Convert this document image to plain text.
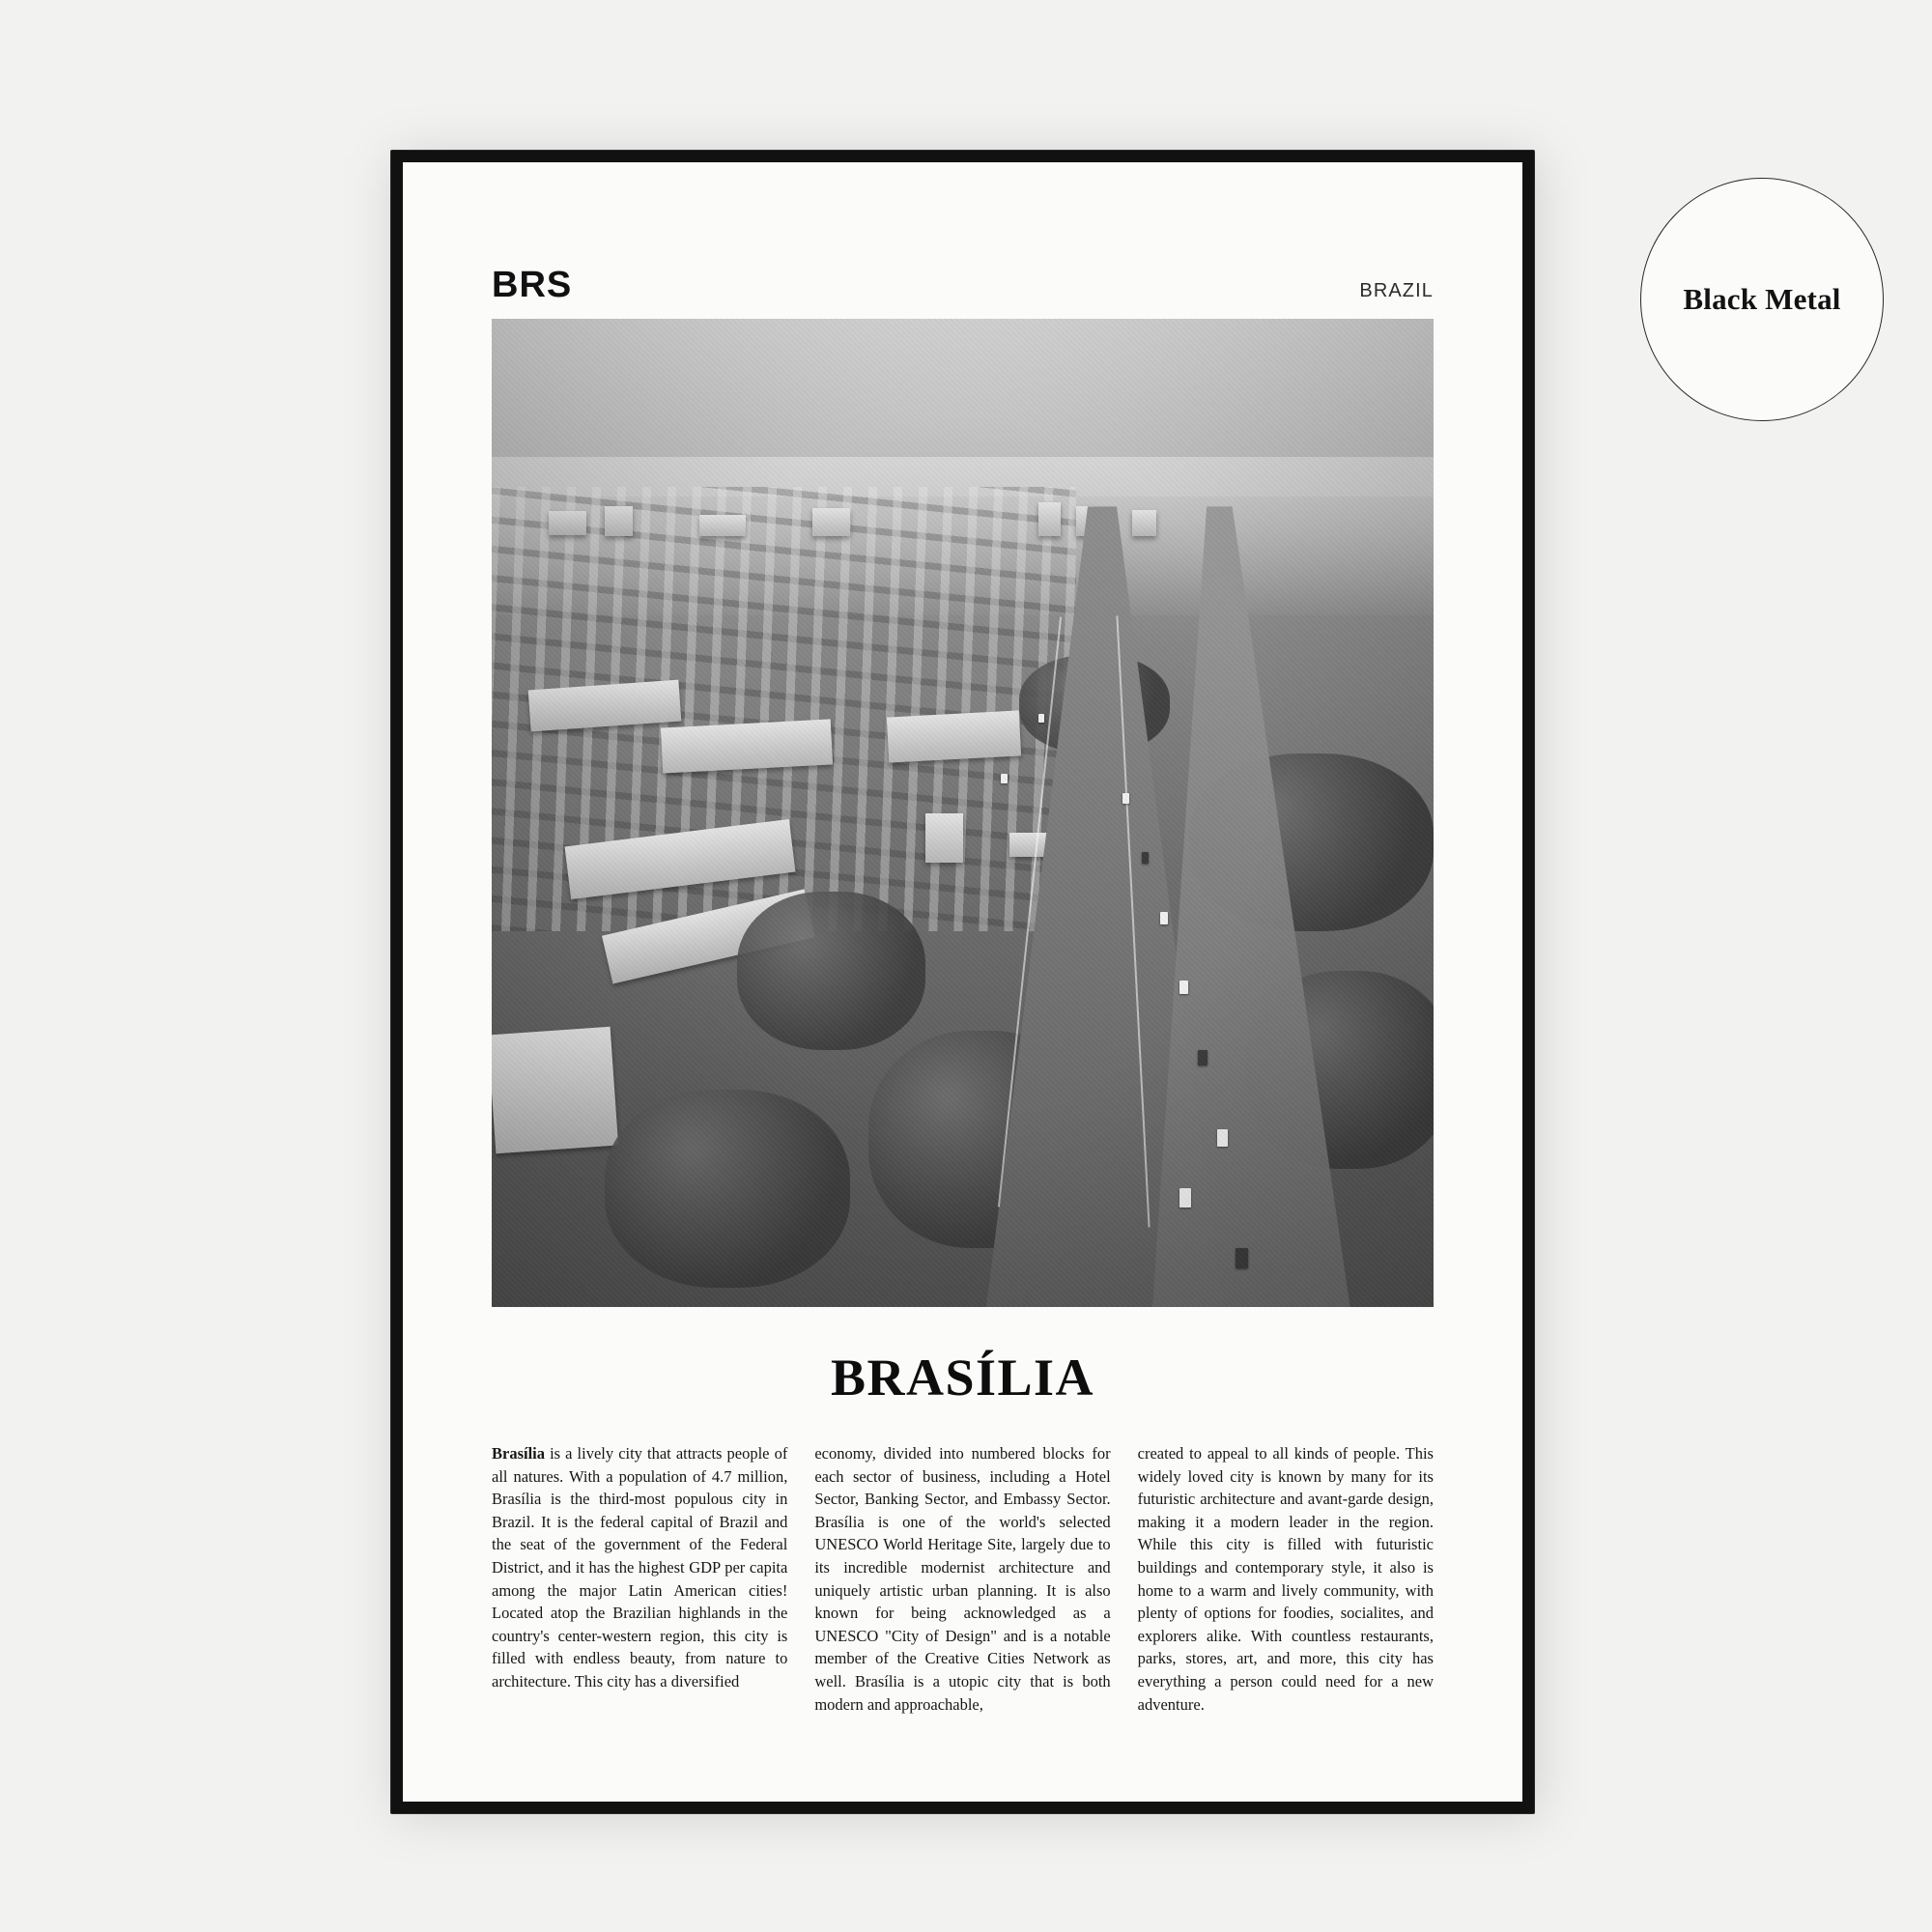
BRS	BRAZIL
BRASÍLIA
Brasília is a lively city that attracts people of all natures. With a population of 4.7 million, Brasília is the third-most populous city in Brazil. It is the federal capital of Brazil and the seat of the government of the Federal District, and it has the highest GDP per capita among the major Latin American cities! Located atop the Brazilian highlands in the country's center-western region, this city is filled with endless beauty, from nature to architecture. This city has a diversified
economy, divided into numbered blocks for each sector of business, including a Hotel Sector, Banking Sector, and Embassy Sector. Brasília is one of the world's selected UNESCO World Heritage Site, largely due to its incredible modernist architecture and uniquely artistic urban planning. It is also known for being acknowledged as a UNESCO "City of Design" and is a notable member of the Creative Cities Network as well. Brasília is a utopic city that is both modern and approachable,
created to appeal to all kinds of people. This widely loved city is known by many for its futuristic architecture and avant-garde design, making it a modern leader in the region. While this city is filled with futuristic buildings and contemporary style, it also is home to a warm and lively community, with plenty of options for foodies, socialites, and explorers alike. With countless restaurants, parks, stores, art, and more, this city has everything a person could need for a new adventure.
Black Metal
